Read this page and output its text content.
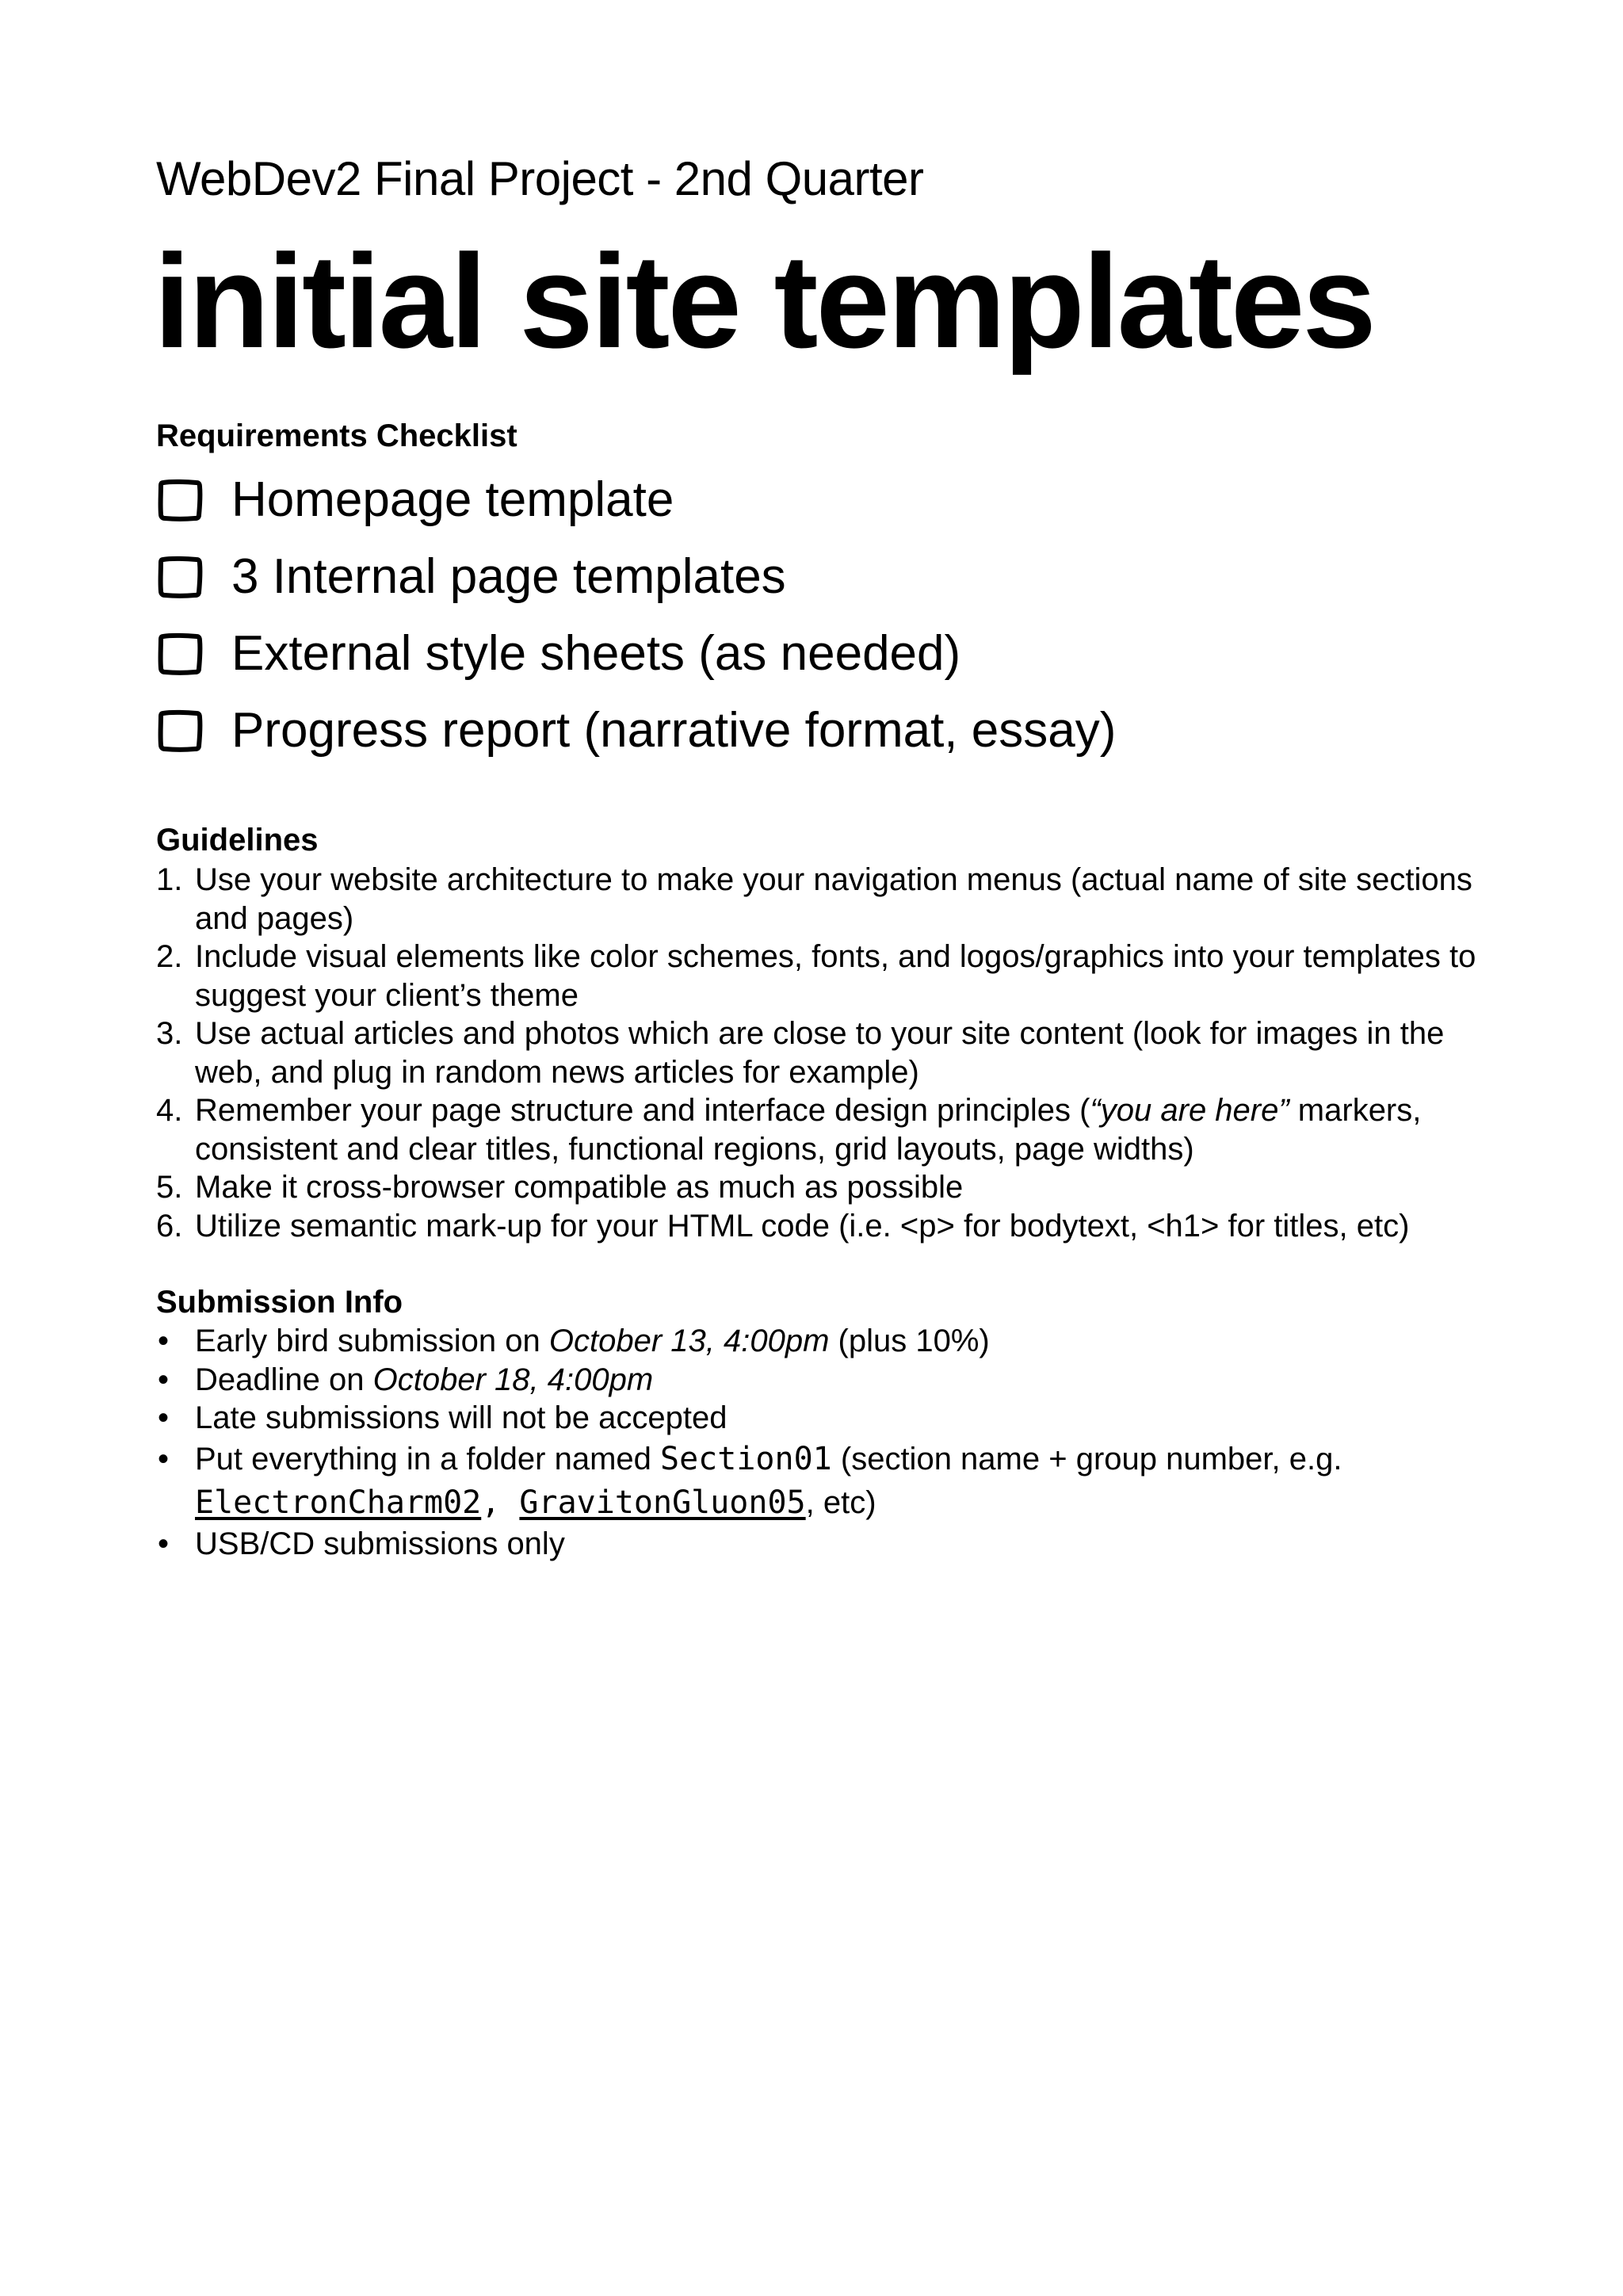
WebDev2 Final Project - 2nd Quarter
initial site templates
Requirements Checklist
Homepage template
3 Internal page templates
External style sheets (as needed)
Progress report (narrative format, essay)
Guidelines
1. Use your website architecture to make your navigation menus (actual name of site sections and pages)
2. Include visual elements like color schemes, fonts, and logos/graphics into your templates to suggest your client’s theme
3. Use actual articles and photos which are close to your site content (look for images in the web, and plug in random news articles for example)
4. Remember your page structure and interface design principles (“you are here” markers, consistent and clear titles, functional regions, grid layouts, page widths)
5. Make it cross-browser compatible as much as possible
6. Utilize semantic mark-up for your HTML code (i.e. <p> for bodytext, <h1> for titles, etc)
Submission Info
• Early bird submission on October 13, 4:00pm (plus 10%)
• Deadline on October 18, 4:00pm
• Late submissions will not be accepted
• Put everything in a folder named Section01 (section name + group number, e.g.
ElectronCharm02, GravitonGluon05, etc)
• USB/CD submissions only
